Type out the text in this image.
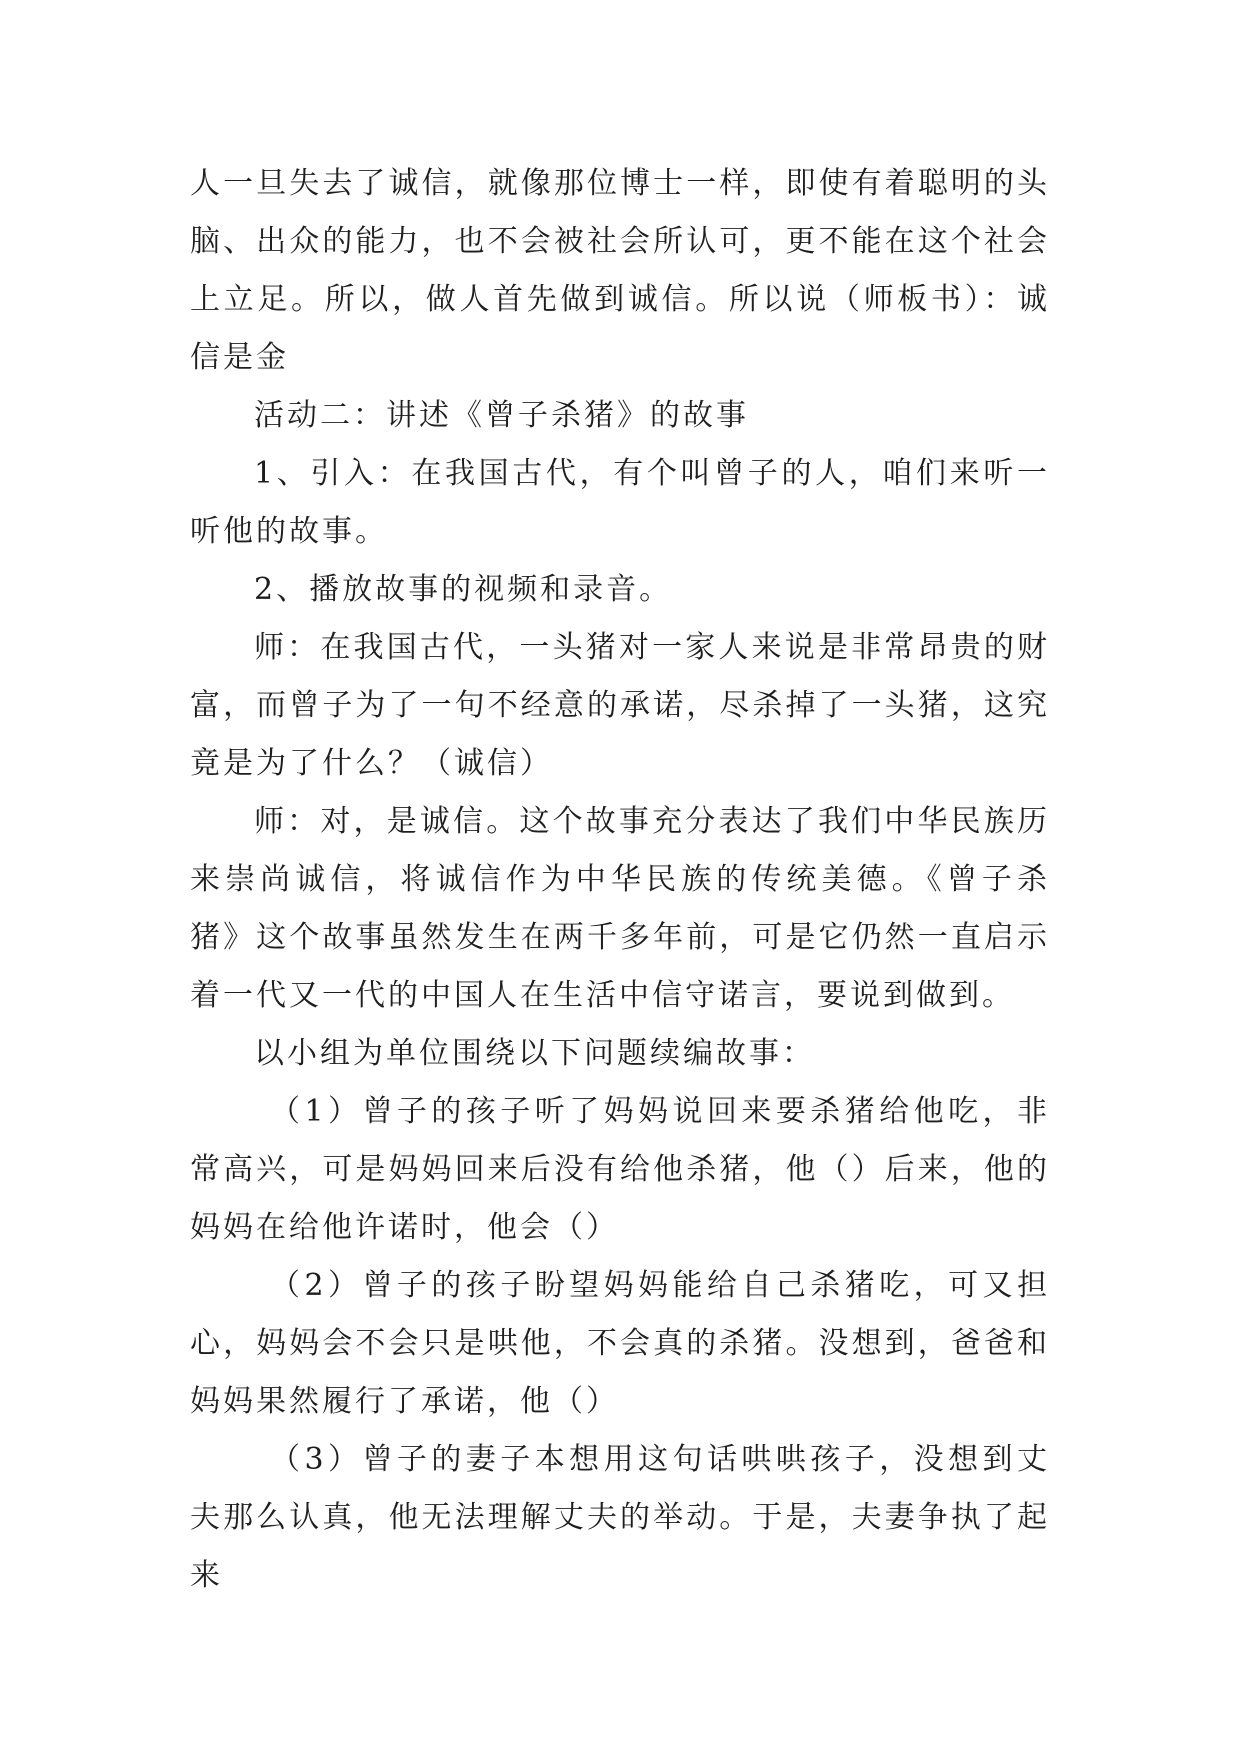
人一旦失去了诚信，就像那位博士一样，即使有着聪明的头脑、出众的能力，也不会被社会所认可，更不能在这个社会上立足。所以，做人首先做到诚信。所以说（师板书）：诚信是金

活动二：讲述《曾子杀猪》的故事

1、引入：在我国古代，有个叫曾子的人，咱们来听一听他的故事。

2、播放故事的视频和录音。

师：在我国古代，一头猪对一家人来说是非常昂贵的财富，而曾子为了一句不经意的承诺，尽杀掉了一头猪，这究竟是为了什么？（诚信）

师：对，是诚信。这个故事充分表达了我们中华民族历来崇尚诚信，将诚信作为中华民族的传统美德。《曾子杀猪》这个故事虽然发生在两千多年前，可是它仍然一直启示着一代又一代的中国人在生活中信守诺言，要说到做到。

以小组为单位围绕以下问题续编故事：

（1）曾子的孩子听了妈妈说回来要杀猪给他吃，非常高兴，可是妈妈回来后没有给他杀猪，他（）后来，他的妈妈在给他许诺时，他会（）

（2）曾子的孩子盼望妈妈能给自己杀猪吃，可又担心，妈妈会不会只是哄他，不会真的杀猪。没想到，爸爸和妈妈果然履行了承诺，他（）

（3）曾子的妻子本想用这句话哄哄孩子，没想到丈夫那么认真，他无法理解丈夫的举动。于是，夫妻争执了起来
